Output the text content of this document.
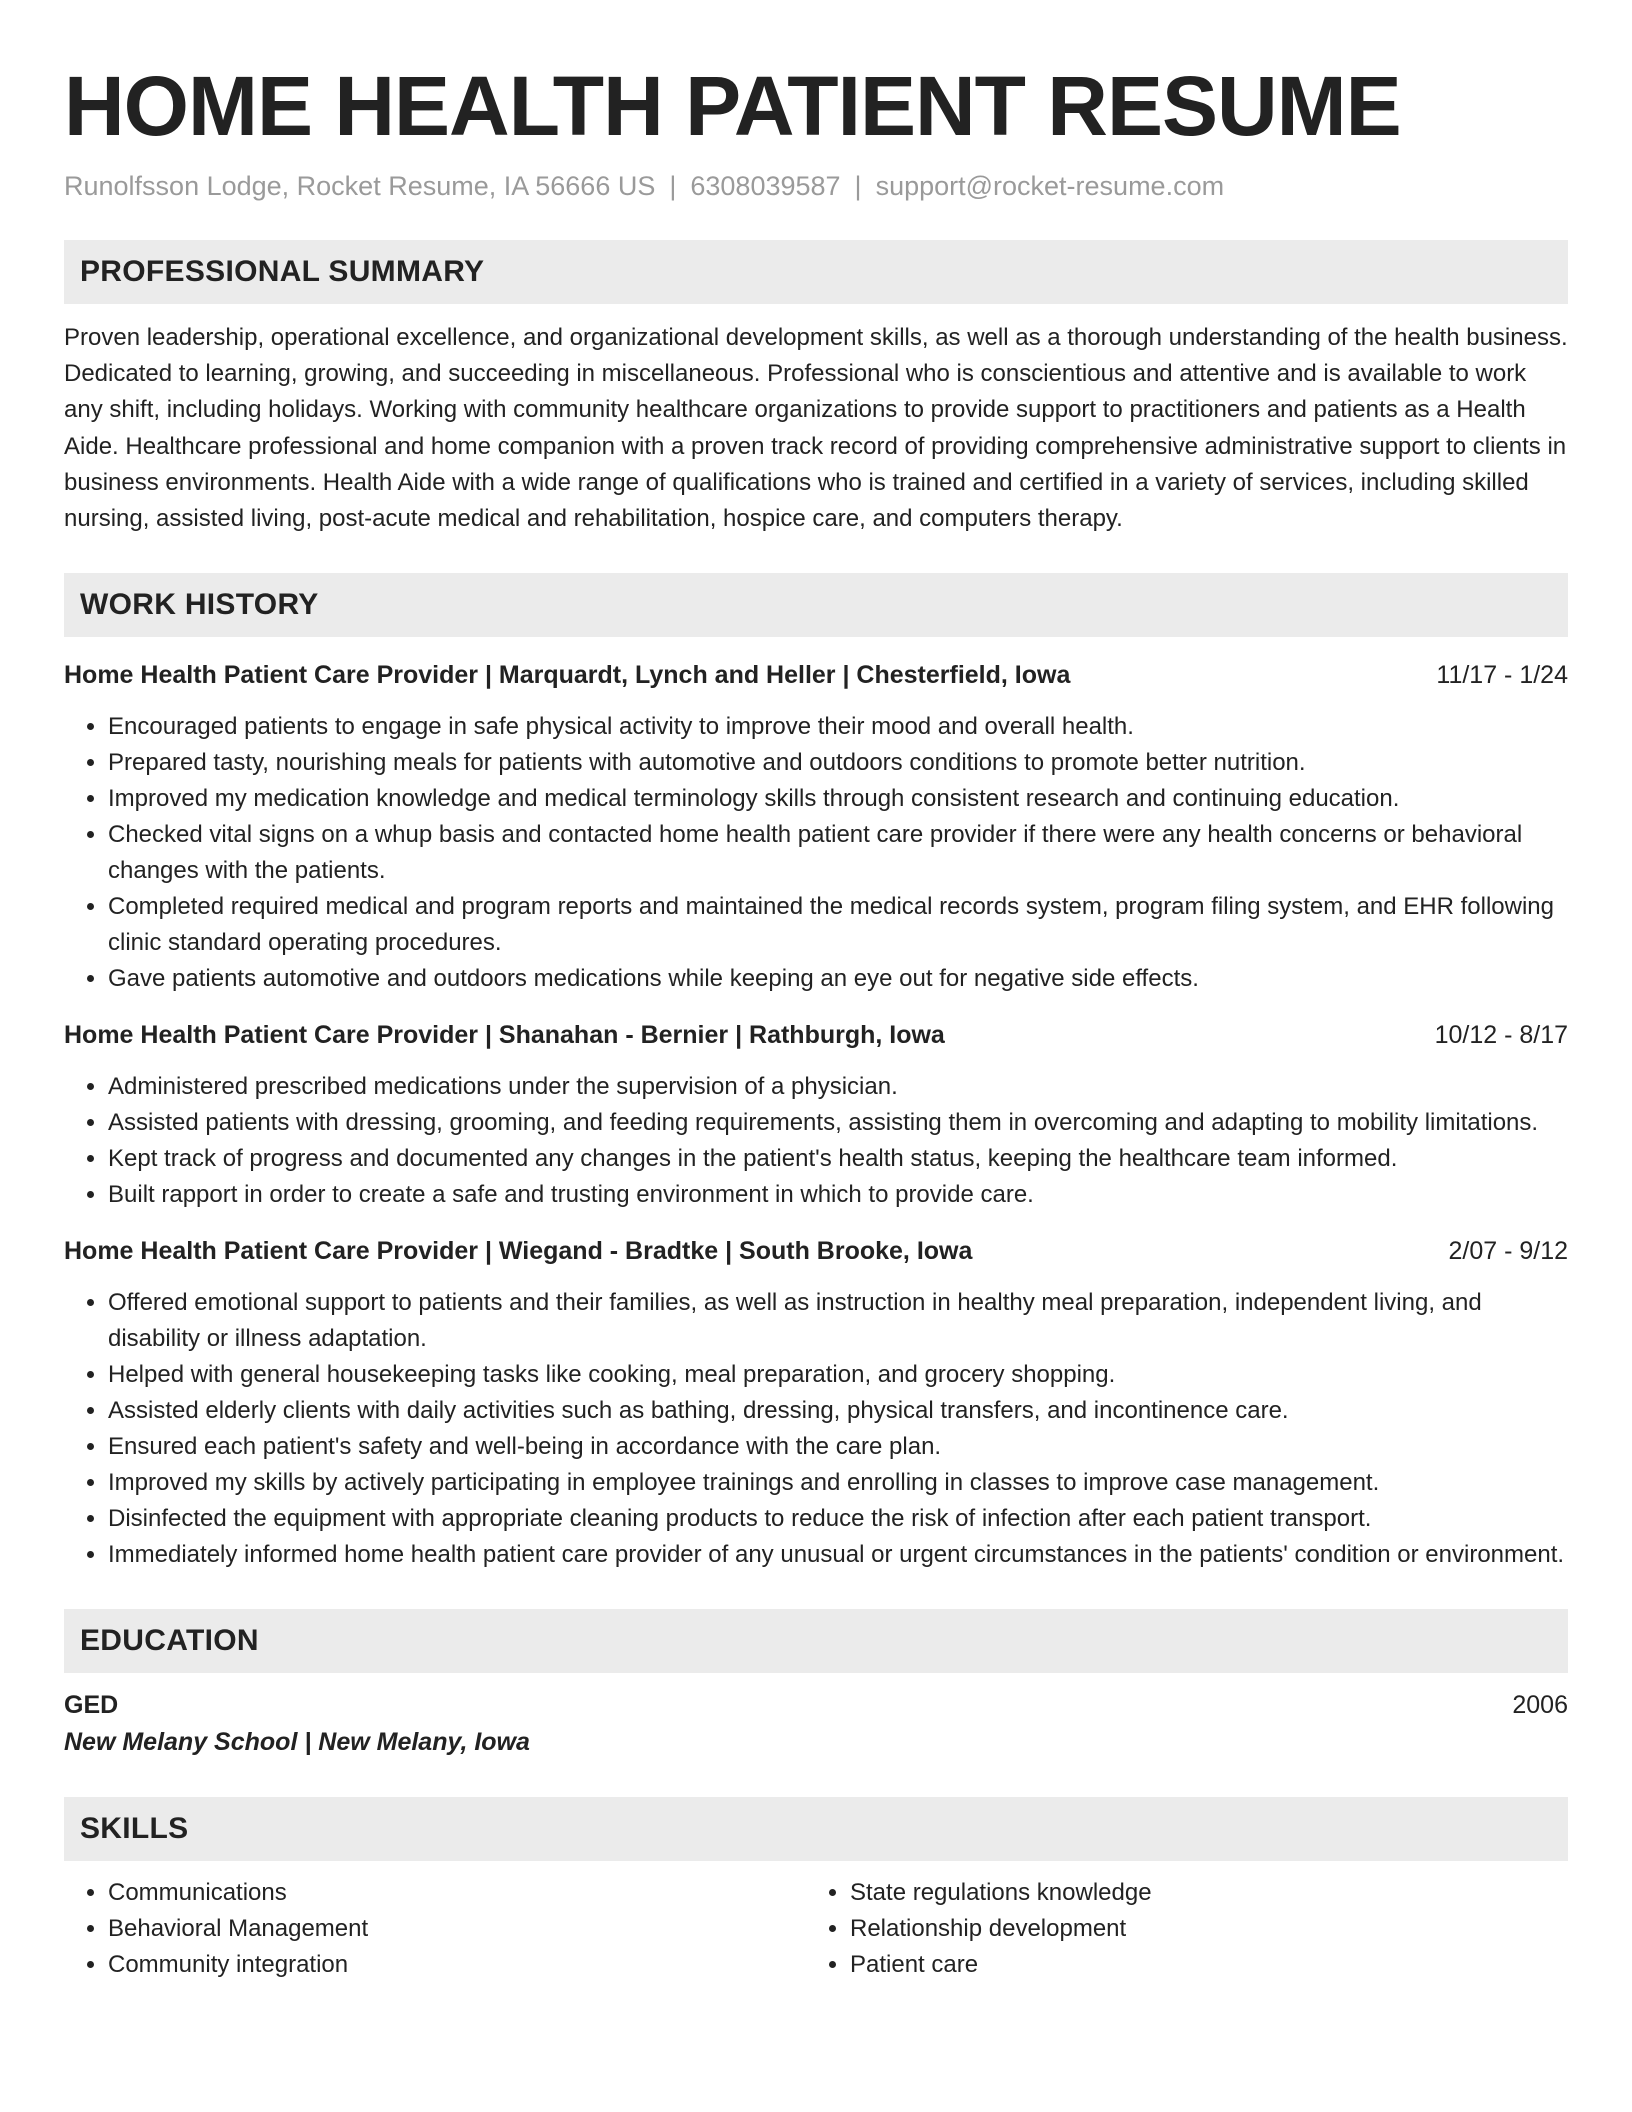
HOME HEALTH PATIENT RESUME
Runolfsson Lodge, Rocket Resume, IA 56666 US | 6308039587 | support@rocket-resume.com
PROFESSIONAL SUMMARY
Proven leadership, operational excellence, and organizational development skills, as well as a thorough understanding of the health business. Dedicated to learning, growing, and succeeding in miscellaneous. Professional who is conscientious and attentive and is available to work any shift, including holidays. Working with community healthcare organizations to provide support to practitioners and patients as a Health Aide. Healthcare professional and home companion with a proven track record of providing comprehensive administrative support to clients in business environments. Health Aide with a wide range of qualifications who is trained and certified in a variety of services, including skilled nursing, assisted living, post-acute medical and rehabilitation, hospice care, and computers therapy.
WORK HISTORY
Home Health Patient Care Provider | Marquardt, Lynch and Heller | Chesterfield, Iowa	11/17 - 1/24
• Encouraged patients to engage in safe physical activity to improve their mood and overall health.
• Prepared tasty, nourishing meals for patients with automotive and outdoors conditions to promote better nutrition.
• Improved my medication knowledge and medical terminology skills through consistent research and continuing education.
• Checked vital signs on a whup basis and contacted home health patient care provider if there were any health concerns or behavioral changes with the patients.
• Completed required medical and program reports and maintained the medical records system, program filing system, and EHR following clinic standard operating procedures.
• Gave patients automotive and outdoors medications while keeping an eye out for negative side effects.
Home Health Patient Care Provider | Shanahan - Bernier | Rathburgh, Iowa	10/12 - 8/17
• Administered prescribed medications under the supervision of a physician.
• Assisted patients with dressing, grooming, and feeding requirements, assisting them in overcoming and adapting to mobility limitations.
• Kept track of progress and documented any changes in the patient's health status, keeping the healthcare team informed.
• Built rapport in order to create a safe and trusting environment in which to provide care.
Home Health Patient Care Provider | Wiegand - Bradtke | South Brooke, Iowa	2/07 - 9/12
• Offered emotional support to patients and their families, as well as instruction in healthy meal preparation, independent living, and disability or illness adaptation.
• Helped with general housekeeping tasks like cooking, meal preparation, and grocery shopping.
• Assisted elderly clients with daily activities such as bathing, dressing, physical transfers, and incontinence care.
• Ensured each patient's safety and well-being in accordance with the care plan.
• Improved my skills by actively participating in employee trainings and enrolling in classes to improve case management.
• Disinfected the equipment with appropriate cleaning products to reduce the risk of infection after each patient transport.
• Immediately informed home health patient care provider of any unusual or urgent circumstances in the patients' condition or environment.
EDUCATION
GED	2006
New Melany School | New Melany, Iowa
SKILLS
• Communications
• Behavioral Management
• Community integration
• State regulations knowledge
• Relationship development
• Patient care
